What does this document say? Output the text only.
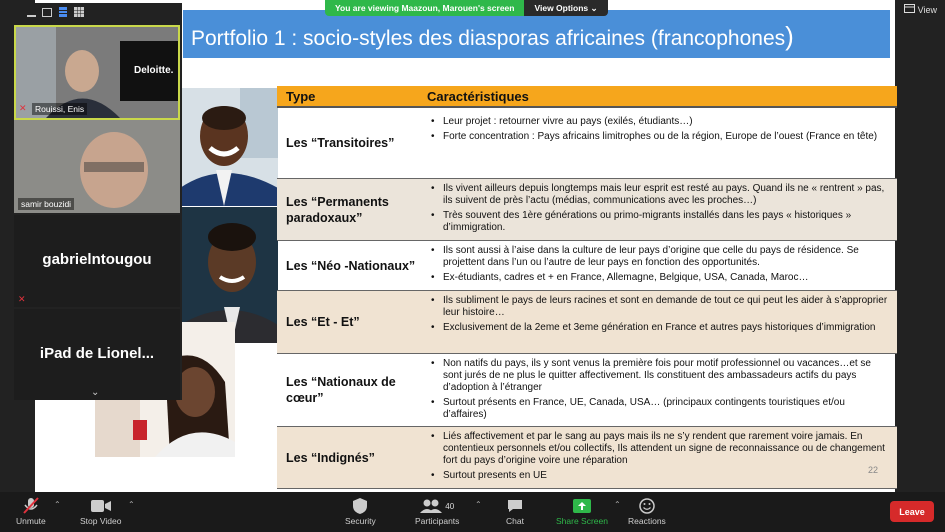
Portfolio 1 : socio-styles des diasporas africaines (francophones)
Type	Caractéristiques
Les “Transitoires”
• Leur projet : retourner vivre au pays (exilés, étudiants…)
• Forte concentration : Pays africains limitrophes ou de la région, Europe de l’ouest (France en tête)
Les “Permanents paradoxaux”
• Ils vivent ailleurs depuis longtemps mais leur esprit est resté au pays. Quand ils ne « rentrent » pas, ils suivent de près l’actu (médias, communications avec les proches…)
• Très souvent des 1ère générations ou primo-migrants installés dans les pays « historiques » d’immigration.
Les “Néo -Nationaux”
• Ils sont aussi à l’aise dans la culture de leur pays d’origine que celle du pays de résidence. Se projettent dans l’un ou l’autre de leur pays en fonction des opportunités.
• Ex-étudiants, cadres et + en France, Allemagne, Belgique, USA, Canada, Maroc…
Les “Et - Et”
• Ils subliment le pays de leurs racines et sont en demande de tout ce qui peut les aider à s’approprier leur histoire…
• Exclusivement de la 2eme et 3eme génération en France et autres pays historiques d’immigration
Les “Nationaux de cœur”
• Non natifs du pays, ils y sont venus la première fois pour motif professionnel ou vacances…et se sont jurés de ne plus le quitter affectivement. Ils constituent des ambassadeurs actifs du pays d’adoption à l’étranger
• Surtout présents en France, UE, Canada, USA… (principaux contingents touristiques et/ou d’affaires)
Les “Indignés”
• Liés affectivement et par le sang au pays mais ils ne s’y rendent que rarement voire jamais. En contentieux personnels et/ou collectifs, Ils attendent un signe de reconnaissance ou de changement fort du pays d’origine voire une réparation
• Surtout presents en UE	22
You are viewing Maazoun, Marouen's screen	View Options ⌄	View
Deloitte.
✕ Rouissi, Enis
samir bouzidi
gabrielntougou
✕
iPad de Lionel...
⌄
Unmute
⌃
Stop Video
⌃
Security
40
Participants
⌃
Chat	Share Screen
⌃
Reactions
Leave
